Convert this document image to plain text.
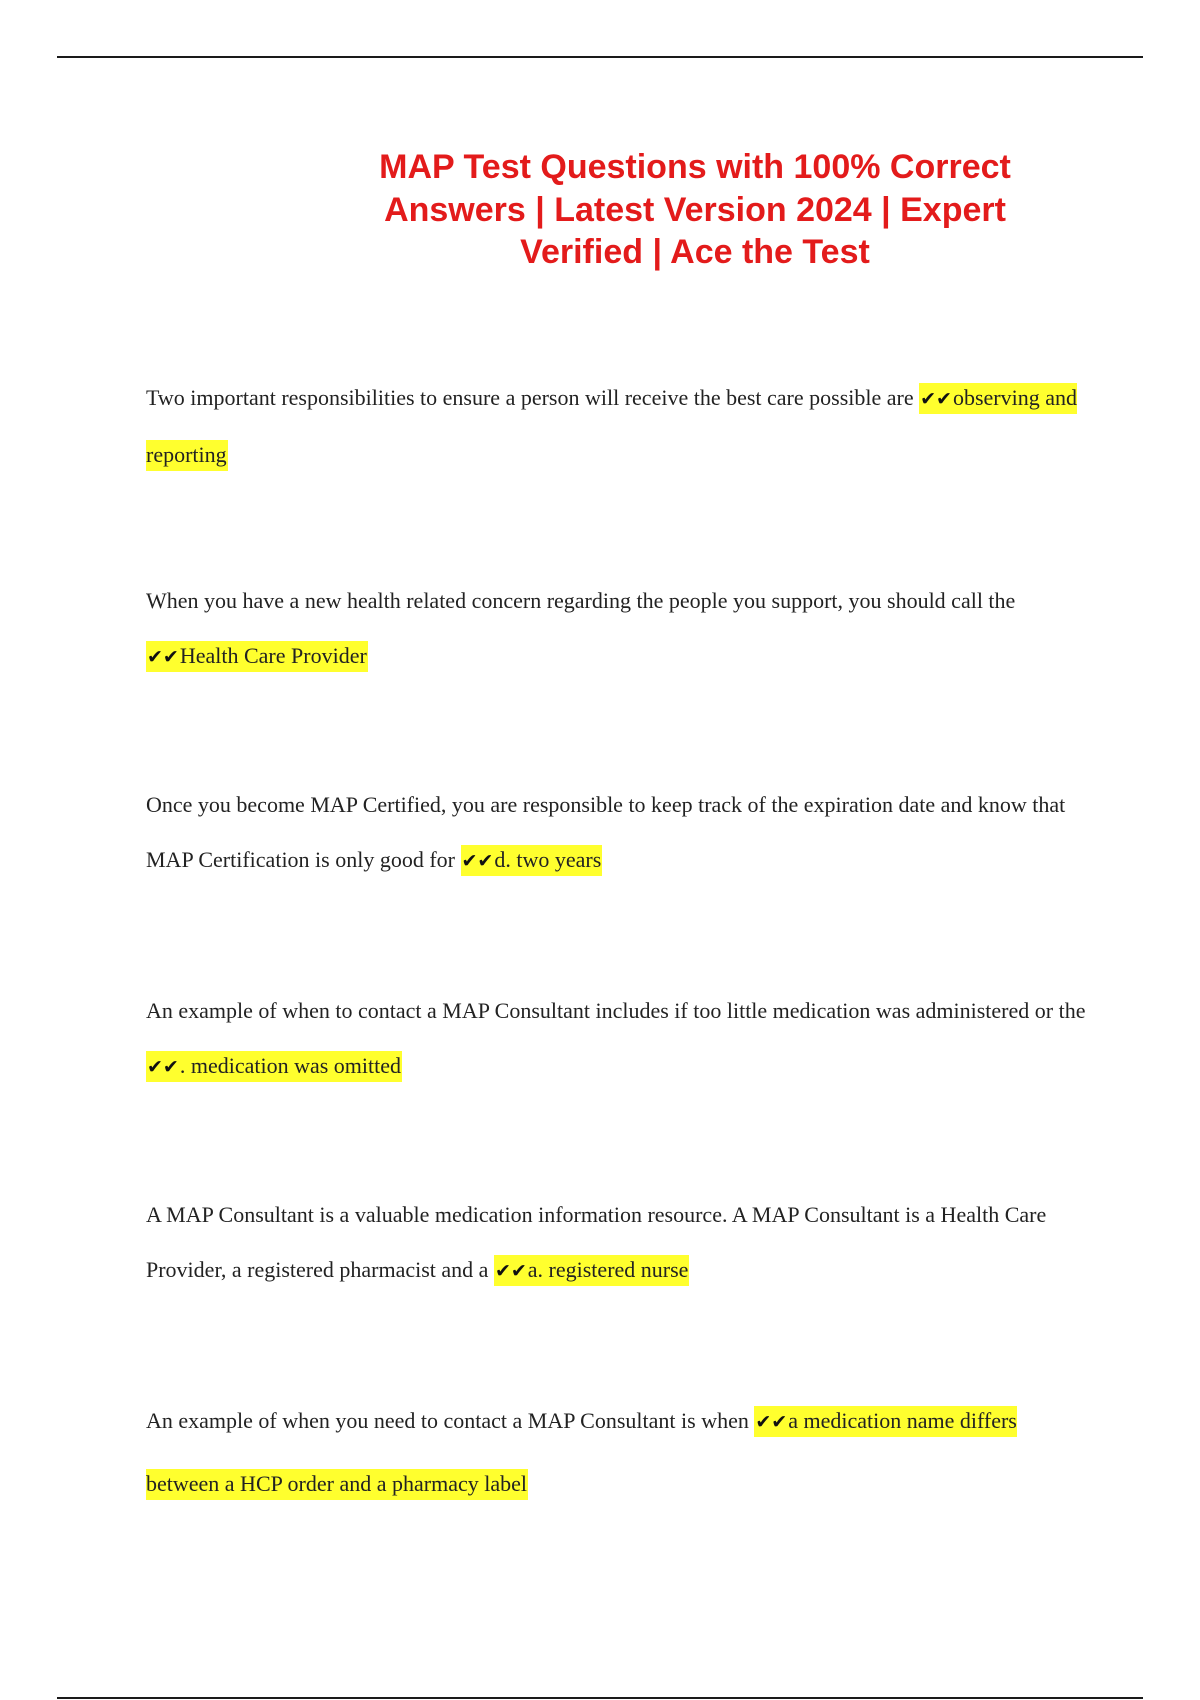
MAP Test Questions with 100% Correct Answers | Latest Version 2024 | Expert Verified | Ace the Test

Two important responsibilities to ensure a person will receive the best care possible are ✔✔observing and reporting

When you have a new health related concern regarding the people you support, you should call the ✔✔Health Care Provider

Once you become MAP Certified, you are responsible to keep track of the expiration date and know that MAP Certification is only good for ✔✔d. two years

An example of when to contact a MAP Consultant includes if too little medication was administered or the ✔✔. medication was omitted

A MAP Consultant is a valuable medication information resource. A MAP Consultant is a Health Care Provider, a registered pharmacist and a ✔✔a. registered nurse

An example of when you need to contact a MAP Consultant is when ✔✔a medication name differs between a HCP order and a pharmacy label
